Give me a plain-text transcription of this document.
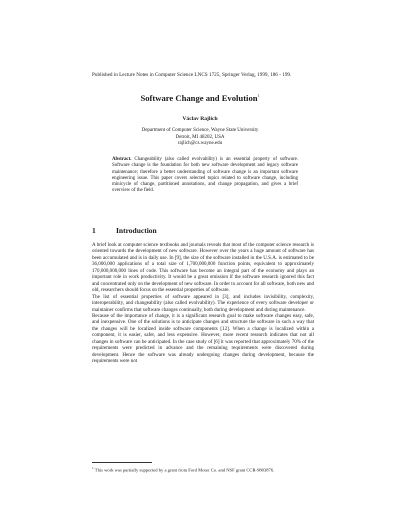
Published in Lecture Notes in Computer Science LNCS 1725, Springer Verlag, 1999, 186 - 199.
Software Change and Evolution$^1$
Václav Rajlich
Department of Computer Science, Wayne State University
Detroit, MI 48202, USA
rajlich@cs.wayne.edu
Abstract. Changeability (also called evolvability) is an essential property of software. Software change is the foundation for both new software development and legacy software maintenance; therefore a better understanding of software change is an important software engineering issue. This paper covers selected topics related to software change, including minicycle of change, partitioned annotations, and change propagation, and gives a brief overview of the field.
1	Introduction

A brief look at computer science textbooks and journals reveals that most of the computer science research is oriented towards the development of new software. However over the years a huge amount of software has been accumulated and is in daily use. In [9], the size of the software installed in the U.S.A. is estimated to be 36,000,000 applications of a total size of 1,700,000,000 function points, equivalent to approximately 170,000,000,000 lines of code. This software has become an integral part of the economy and plays an important role in work productivity. It would be a great omission if the software research ignored this fact and concentrated only on the development of new software. In order to account for all software, both new and old, researchers should focus on the essential properties of software.

The list of essential properties of software appeared in [3], and includes invisibility, complexity, interoperability, and changeability (also called evolvability). The experience of every software developer or maintainer confirms that software changes continually, both during development and during maintenance.

Because of the importance of change, it is a significant research goal to make software changes easy, safe, and inexpensive. One of the solutions is to anticipate changes and structure the software in such a way that the changes will be localized inside software components [12]. When a change is localized within a component, it is easier, safer, and less expensive. However, more recent research indicates that not all changes in software can be anticipated. In the case study of [6] it was reported that approximately 70% of the requirements were predicted in advance and the remaining requirements were discovered during development. Hence the software was already undergoing changes during development, because the requirements were not

$^1$ This work was partially supported by a grant from Ford Motor Co. and NSF grant CCR-9803876.
